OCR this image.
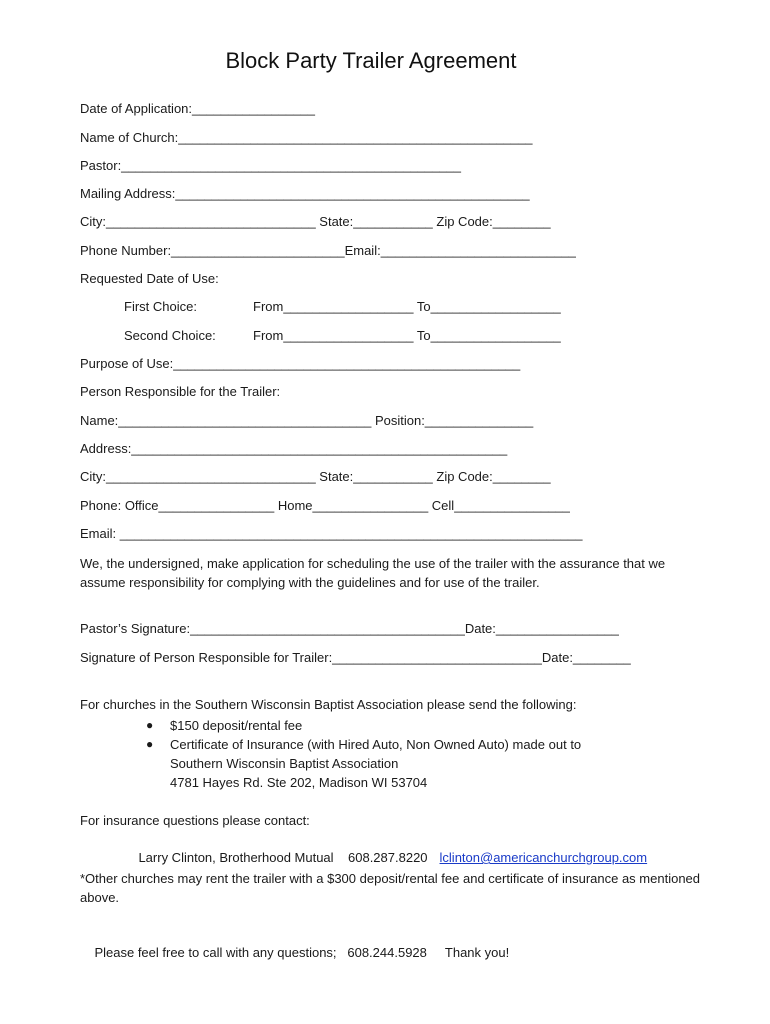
Block Party Trailer Agreement
Date of Application:_________________
Name of Church:_________________________________________________
Pastor:_______________________________________________
Mailing Address:_________________________________________________
City:_____________________________ State:___________ Zip Code:________
Phone Number:________________________Email:___________________________
Requested Date of Use:
First Choice:	From__________________ To__________________
Second Choice:	From__________________ To__________________
Purpose of Use:________________________________________________
Person Responsible for the Trailer:
Name:___________________________________ Position:_______________
Address:____________________________________________________
City:_____________________________ State:___________ Zip Code:________
Phone: Office________________ Home________________ Cell________________
Email: ________________________________________________________________
We, the undersigned, make application for scheduling the use of the trailer with the assurance that we assume responsibility for complying with the guidelines and for use of the trailer.
Pastor’s Signature:______________________________________Date:_________________
Signature of Person Responsible for Trailer:_____________________________Date:________
For churches in the Southern Wisconsin Baptist Association please send the following:
● $150 deposit/rental fee
● Certificate of Insurance (with Hired Auto, Non Owned Auto) made out to
Southern Wisconsin Baptist Association
4781 Hayes Rd. Ste 202, Madison WI 53704
For insurance questions please contact:

Larry Clinton, Brotherhood Mutual    608.287.8220 lclinton@americanchurchgroup.com

*Other churches may rent the trailer with a $300 deposit/rental fee and certificate of insurance as mentioned above.

Please feel free to call with any questions;   608.244.5928 Thank you!
